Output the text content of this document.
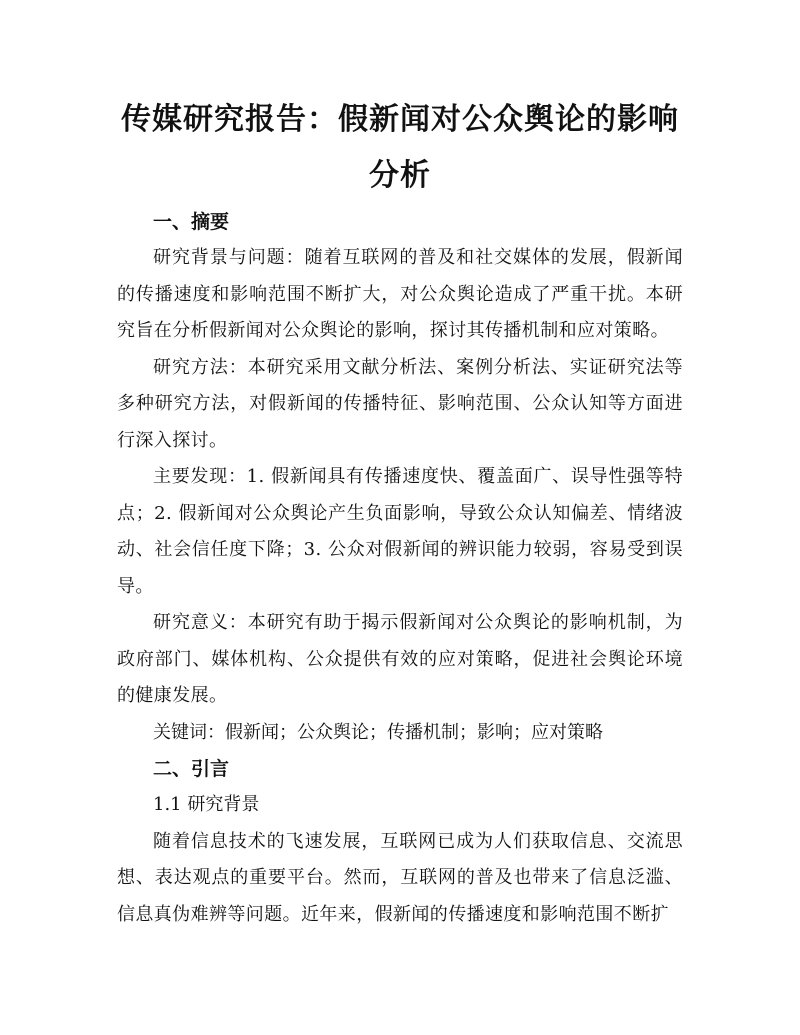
传媒研究报告：假新闻对公众舆论的影响分析

一、摘要

研究背景与问题：随着互联网的普及和社交媒体的发展，假新闻的传播速度和影响范围不断扩大，对公众舆论造成了严重干扰。本研究旨在分析假新闻对公众舆论的影响，探讨其传播机制和应对策略。

研究方法：本研究采用文献分析法、案例分析法、实证研究法等多种研究方法，对假新闻的传播特征、影响范围、公众认知等方面进行深入探讨。

主要发现：1. 假新闻具有传播速度快、覆盖面广、误导性强等特点；2. 假新闻对公众舆论产生负面影响，导致公众认知偏差、情绪波动、社会信任度下降；3. 公众对假新闻的辨识能力较弱，容易受到误导。

研究意义：本研究有助于揭示假新闻对公众舆论的影响机制，为政府部门、媒体机构、公众提供有效的应对策略，促进社会舆论环境的健康发展。

关键词：假新闻；公众舆论；传播机制；影响；应对策略

二、引言

1.1 研究背景

随着信息技术的飞速发展，互联网已成为人们获取信息、交流思想、表达观点的重要平台。然而，互联网的普及也带来了信息泛滥、信息真伪难辨等问题。近年来，假新闻的传播速度和影响范围不断扩
